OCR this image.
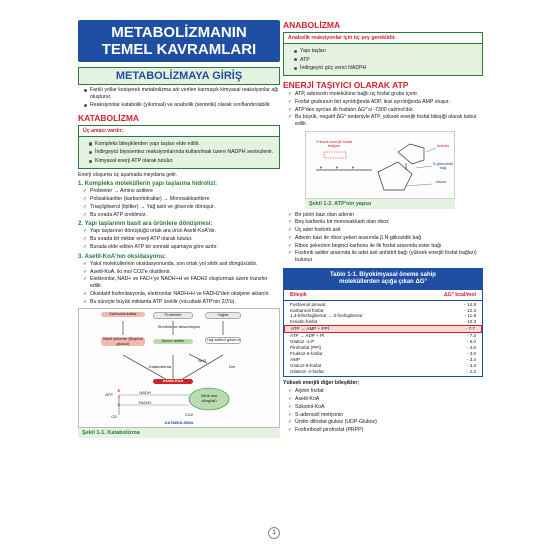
METABOLİZMANIN
TEMEL KAVRAMLARI
METABOLİZMAYA GİRİŞ
Farklı yollar kesişerek metabolizma adı verilen karmaşık kimyasal reaksiyonlar ağı oluşturur.
Reaksiyonlar katabolik (yıkımsal) ve anabolik (sentetik) olarak sınıflandırılabilir.
KATABOLİZMA
Üç amacı vardır:
Kompleks bileşiklerden yapı taşları elde edilir.
İndirgeyici biyosentez reaksiyonlarında kullanılmak üzere NADPH sentezlenir.
Kimyasal enerji ATP olarak tutulur.
Enerji oluşumu üç aşamada meydana gelir.
1. Kompleks moleküllerin yapı taşlarına hidrolizi:
✓ Proteinler → Amino asitlere
✓ Polisakkaritler (karbonhidratlar) → Monosakkaritlere
✓ Triaçilgliserol (lipitler) → Yağ asiti ve gliserole dönüşür.
✓ Bu sırada ATP üretilmez.
2. Yapı taşlarının basit ara ürünlere dönüşmesi:
✓ Yapı taşlarının dönüştüğü ortak ara ürün Asetil-KoA'dır.
✓ Bu sırada bir miktar enerji ATP olarak tutulur.
✓ Burada elde edilen ATP bir sonraki aşamaya göre azdır.
3. Asetil-KoA'nın oksidasyonu:
✓ Yakıt moleküllerinin oksidasyonunda, son ortak yol sitrik asit döngüsüdür.
✓ Asetil-KoA, iki mol CO2'e oksitlenir.
✓ Elektronlar, NAD+ ve FAD+'ye NADH+H ve FADH2 oluşturmak üzere transfer edilir.
✓ Oksidatif fosforilasyonla, elektronlar NADH+H ve FADH2'den oksijene aktarılır.
✓ Bu süreçte büyük miktarda ATP üretilir (vücuttaki ATP'nin 2/3'ü).
Karbonhidratlar	Proteinler	Yağlar
Sindirim ve absorbsiyon
Basit şekerler (Başlıca glukoz)
Amino asitler	Yağ asitleri gliserol
NH3
Üre
Katabolizma
Asetil-KoA
Sitrik asit döngüsü
ATP	NADH
FADH2
E
T
C
O2	CO2
KATABOLİZMA
Şekil 1-1. Katabolizma
ANABOLİZMA
Anabolik reaksiyonlar için üç şey gereklidir.
Yapı taşları
ATP
İndirgeyici güç verici NADPH
ENERJİ TAŞIYICI OLARAK ATP
✓ ATP, adenozin molekülüne bağlı üç fosfat grubu içerir.
✓ Fosfat grubunun biri ayrıldığında ADP, ikisi ayrıldığında AMP oluşur.
✓ ATP'den ayrılan ilk fosfatın ΔG°'si -7300 cal/mol'dür.
✓ Bu büyük, negatif ΔG° nedeniyle ATP, yüksek enerjili fosfat bileşiği olarak kabul edilir.
Yüksek enerjili fosfat bağları
P	P	P
Adenin
N-glikozidik bağ
ribose
Şekil 1-2. ATP'nin yapısı
✓ Bir pürin bazı olan adenin
✓ Beş karbonlu bir monosakkarit olan riboz
✓ Üç adet fosforik asit
✓ Adenin bazı ile riboz şekeri arasında β N-glikozidik bağ
✓ Riboz şekerinin beşinci karbonu ile ilk fosfat arasında ester bağı
✓ Fosforik asitler arasında iki adet asit anhidrit bağı (yüksek enerjili fosfat bağları) bulunur
Tablo 1-1. Biyokimyasal öneme sahip
moleküllerden açığa çıkan ΔG°
Bileşik	ΔG° kcal/mol
Fosfoenol piruvat	- 14.8
Karbamoil fosfat	- 12.3
1,3-bifosfogliserat → 3-fosfogliserat	- 11.8
Kreatin fosfat	- 10.3
ATP → AMP + PPİ	- 7.7
ATP → ADP + Pİ	- 7.3
Glukoz -1-P	- 5.0
Pirofosfat (PPİ)	- 4.6
Fruktoz-6-fosfat	- 3.8
AMP	- 3.4
Glukoz-6-fosfat	- 3.3
Gliserol -3-fosfat	- 2.2
Yüksek enerjili diğer bileşikler;
✓ Arjinin fosfat
✓ Asetil-KoA
✓ Süksinil-KoA
✓ S-adenozil metiyonin
✓ Üridin difosfat glukoz (UDP-Glukoz)
✓ Fosforibozil pirofosfat (PRPP)
1
